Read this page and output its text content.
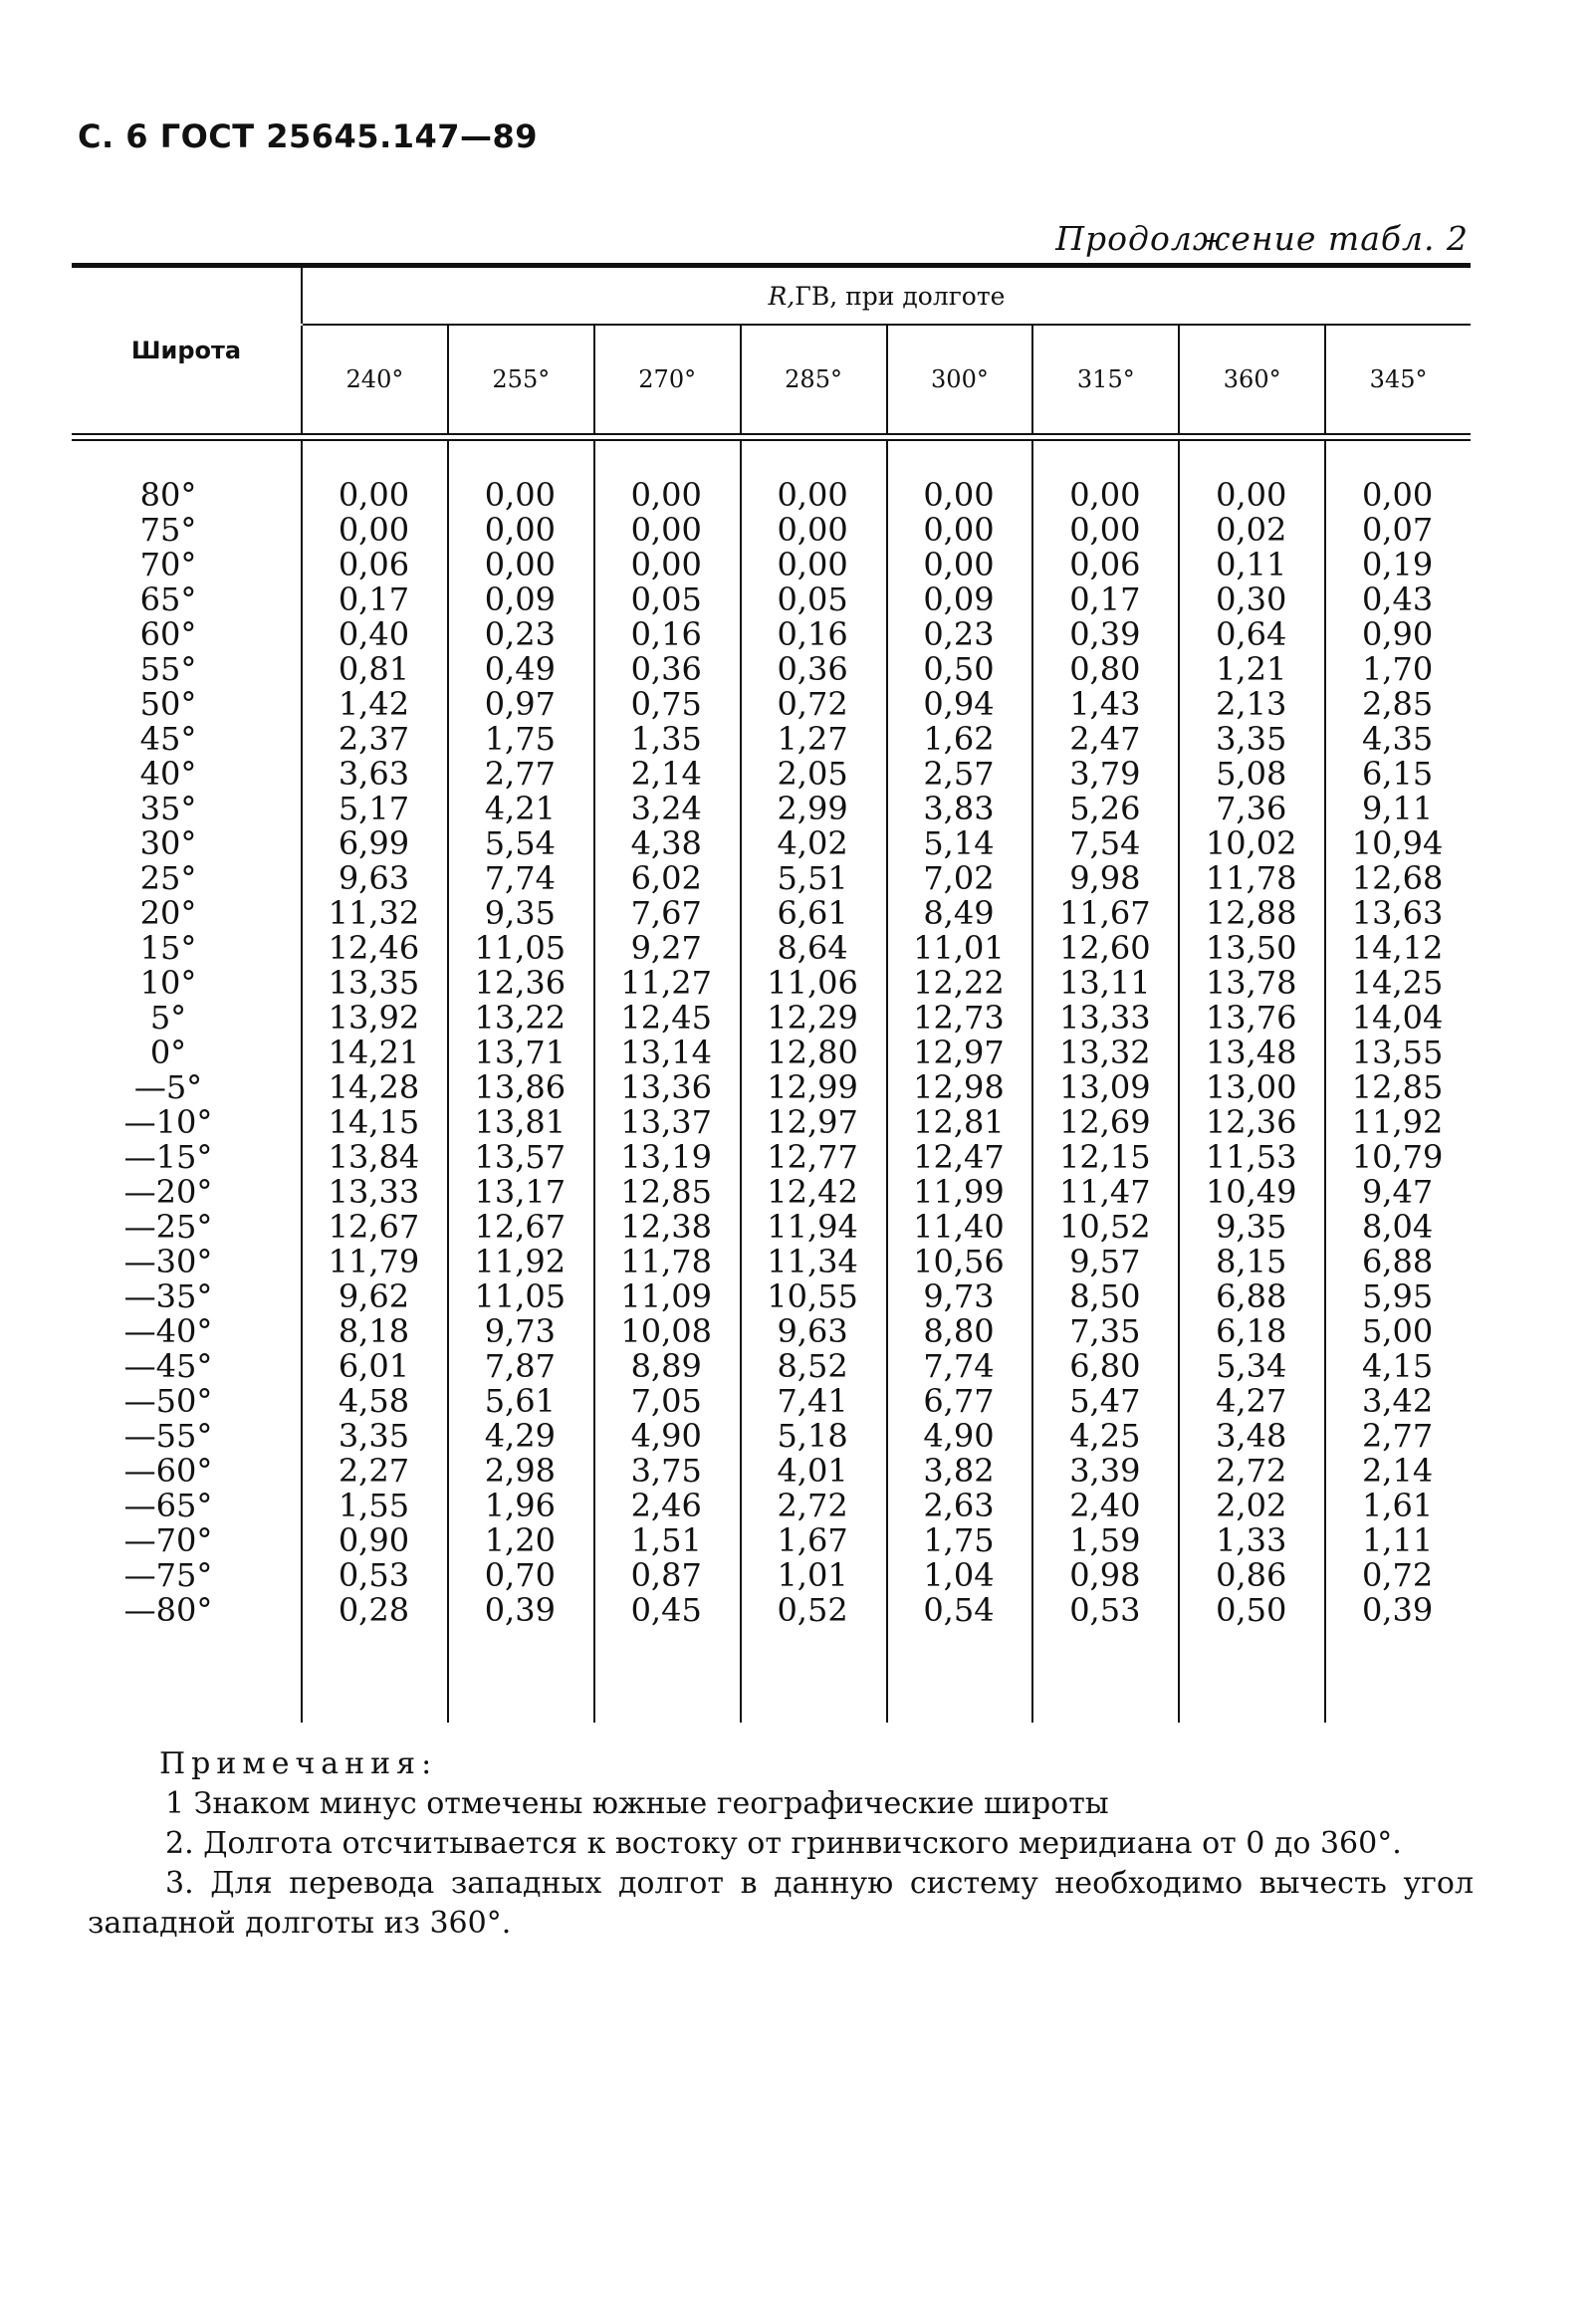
С. 6 ГОСТ 25645.147—89
Продолжение табл. 2
Широта
R, ГВ, при долготе
240°	255°	270°	285°	300°	315°	360°	345°
80°	0,00	0,00	0,00	0,00	0,00	0,00	0,00	0,00
75°	0,00	0,00	0,00	0,00	0,00	0,00	0,02	0,07
70°	0,06	0,00	0,00	0,00	0,00	0,06	0,11	0,19
65°	0,17	0,09	0,05	0,05	0,09	0,17	0,30	0,43
60°	0,40	0,23	0,16	0,16	0,23	0,39	0,64	0,90
55°	0,81	0,49	0,36	0,36	0,50	0,80	1,21	1,70
50°	1,42	0,97	0,75	0,72	0,94	1,43	2,13	2,85
45°	2,37	1,75	1,35	1,27	1,62	2,47	3,35	4,35
40°	3,63	2,77	2,14	2,05	2,57	3,79	5,08	6,15
35°	5,17	4,21	3,24	2,99	3,83	5,26	7,36	9,11
30°	6,99	5,54	4,38	4,02	5,14	7,54	10,02	10,94
25°	9,63	7,74	6,02	5,51	7,02	9,98	11,78	12,68
20°	11,32	9,35	7,67	6,61	8,49	11,67	12,88	13,63
15°	12,46	11,05	9,27	8,64	11,01	12,60	13,50	14,12
10°	13,35	12,36	11,27	11,06	12,22	13,11	13,78	14,25
5°	13,92	13,22	12,45	12,29	12,73	13,33	13,76	14,04
0°	14,21	13,71	13,14	12,80	12,97	13,32	13,48	13,55
—5°	14,28	13,86	13,36	12,99	12,98	13,09	13,00	12,85
—10°	14,15	13,81	13,37	12,97	12,81	12,69	12,36	11,92
—15°	13,84	13,57	13,19	12,77	12,47	12,15	11,53	10,79
—20°	13,33	13,17	12,85	12,42	11,99	11,47	10,49	9,47
—25°	12,67	12,67	12,38	11,94	11,40	10,52	9,35	8,04
—30°	11,79	11,92	11,78	11,34	10,56	9,57	8,15	6,88
—35°	9,62	11,05	11,09	10,55	9,73	8,50	6,88	5,95
—40°	8,18	9,73	10,08	9,63	8,80	7,35	6,18	5,00
—45°	6,01	7,87	8,89	8,52	7,74	6,80	5,34	4,15
—50°	4,58	5,61	7,05	7,41	6,77	5,47	4,27	3,42
—55°	3,35	4,29	4,90	5,18	4,90	4,25	3,48	2,77
—60°	2,27	2,98	3,75	4,01	3,82	3,39	2,72	2,14
—65°	1,55	1,96	2,46	2,72	2,63	2,40	2,02	1,61
—70°	0,90	1,20	1,51	1,67	1,75	1,59	1,33	1,11
—75°	0,53	0,70	0,87	1,01	1,04	0,98	0,86	0,72
—80°	0,28	0,39	0,45	0,52	0,54	0,53	0,50	0,39

Примечания:

1 Знаком минус отмечены южные географические широты

2. Долгота отсчитывается к востоку от гринвичского меридиана от 0 до 360°.

3. Для перевода западных долгот в данную систему необходимо вычесть угол западной долготы из 360°.
